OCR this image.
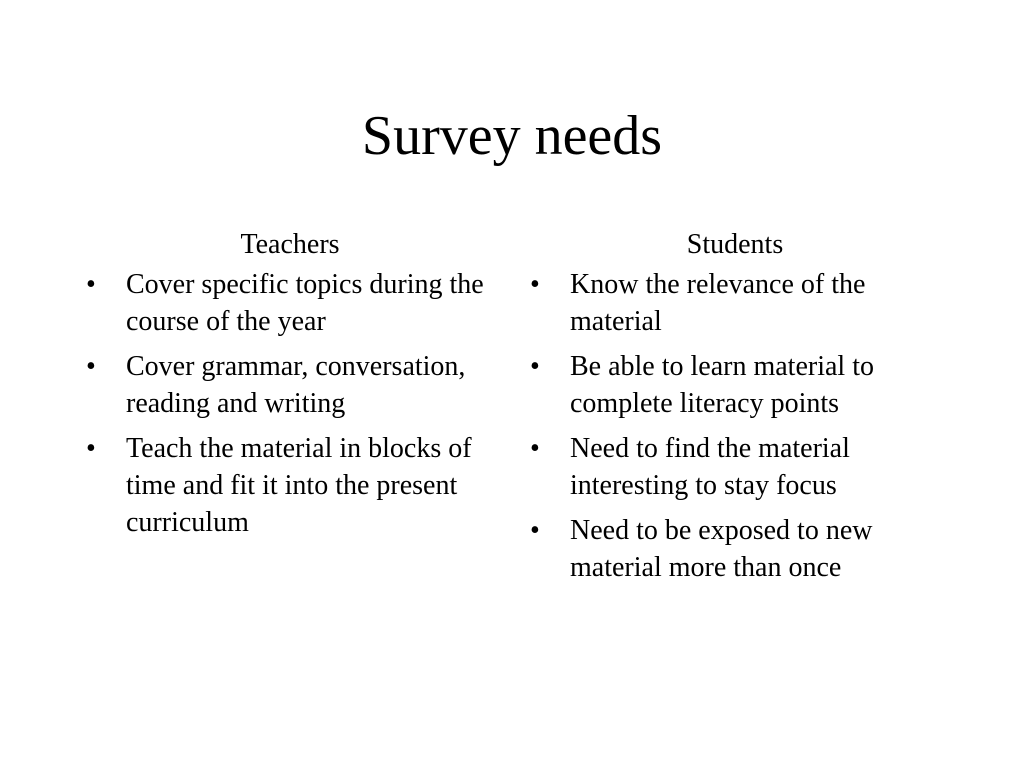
Survey needs
Teachers
• Cover specific topics during the course of the year
• Cover grammar, conversation, reading and writing
• Teach the material in blocks of time and fit it into the present curriculum
Students
• Know the relevance of the material
• Be able to learn material to complete literacy points
• Need to find the material interesting to stay focus
• Need to be exposed to new material more than once
